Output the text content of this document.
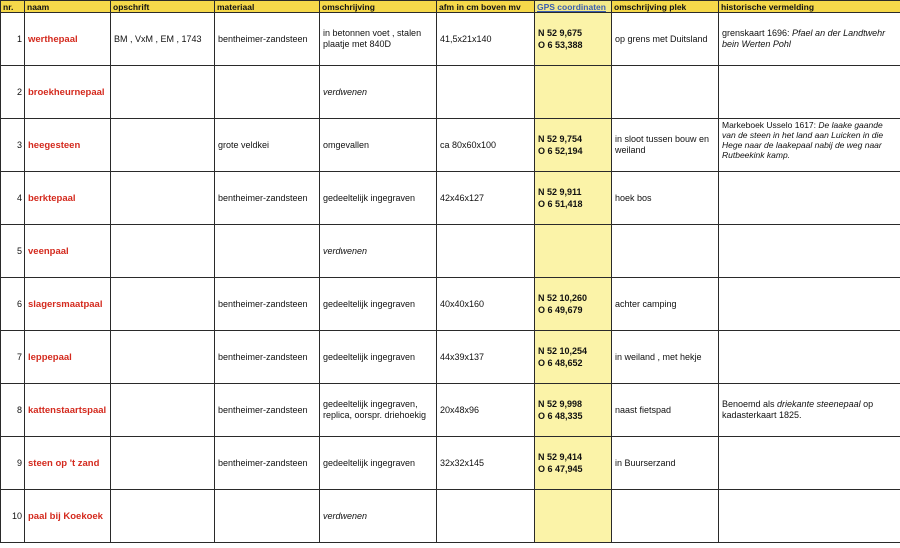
nr.	naam	opschrift	materiaal	omschrijving	afm in cm boven mv	GPS coordinaten	omschrijving plek	historische vermelding
1	werthepaal	BM , VxM , EM , 1743	bentheimer-zandsteen	in betonnen voet , stalen plaatje met 840D	41,5x21x140	N 52 9,675
O 6 53,388	op grens met Duitsland	grenskaart 1696: Pfael an der Landtwehr bein Werten Pohl
2	broekheurnepaal			verdwenen		

3	heegesteen		grote veldkei	omgevallen	ca 80x60x100	N 52 9,754
O 6 52,194	in sloot tussen bouw en weiland	Markeboek Usselo 1617: De laake gaande van de steen in het land aan Luicken in die Hege naar de laakepaal nabij de weg naar Rutbeekink kamp.
4	berktepaal		bentheimer-zandsteen	gedeeltelijk ingegraven	42x46x127	N 52 9,911
O 6 51,418	hoek bos	
5	veenpaal			verdwenen		

6	slagersmaatpaal		bentheimer-zandsteen	gedeeltelijk ingegraven	40x40x160	N 52 10,260
O 6 49,679	achter camping	
7	leppepaal		bentheimer-zandsteen	gedeeltelijk ingegraven	44x39x137	N 52 10,254
O 6 48,652	in weiland , met hekje	
8	kattenstaartspaal		bentheimer-zandsteen	gedeeltelijk ingegraven, replica, oorspr. driehoekig	20x48x96	N 52 9,998
O 6 48,335	naast fietspad	Benoemd als driekante steenepaal op kadasterkaart 1825.
9	steen op 't zand		bentheimer-zandsteen	gedeeltelijk ingegraven	32x32x145	N 52 9,414
O 6 47,945	in Buurserzand	
10	paal bij Koekoek			verdwenen		
